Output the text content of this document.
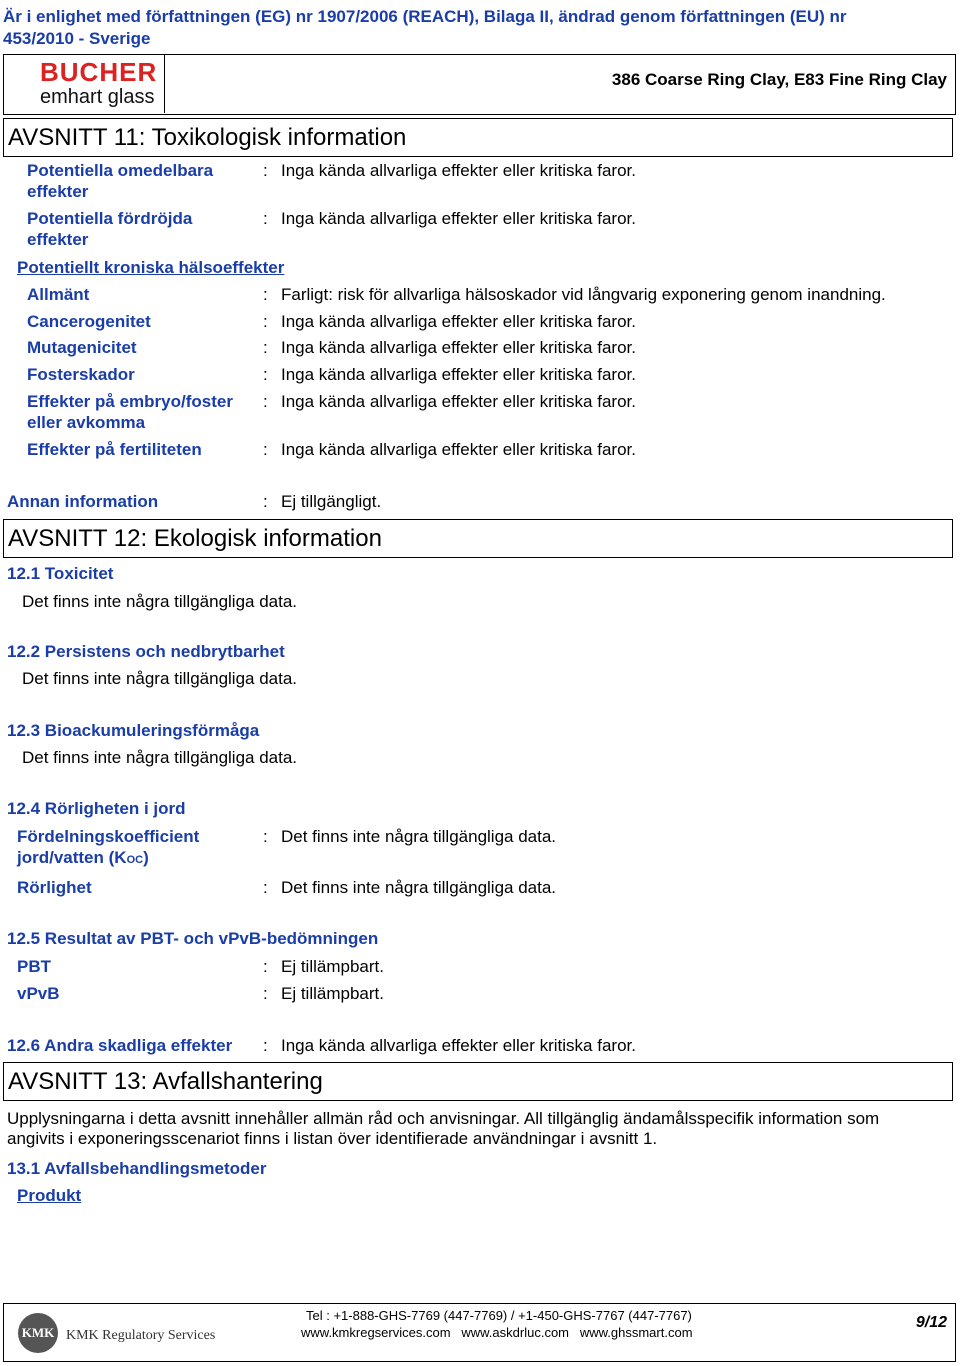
Är i enlighet med författningen (EG) nr 1907/2006 (REACH), Bilaga II, ändrad genom författningen (EU) nr
453/2010 - Sverige
BUCHER
emhart glass
386 Coarse Ring Clay, E83 Fine Ring Clay
AVSNITT 11: Toxikologisk information
Potentiella omedelbara
effekter
: Inga kända allvarliga effekter eller kritiska faror.
Potentiella fördröjda
effekter
: Inga kända allvarliga effekter eller kritiska faror.
Potentiellt kroniska hälsoeffekter
Allmänt	: Farligt: risk för allvarliga hälsoskador vid långvarig exponering genom inandning.
Cancerogenitet	: Inga kända allvarliga effekter eller kritiska faror.
Mutagenicitet	: Inga kända allvarliga effekter eller kritiska faror.
Fosterskador	: Inga kända allvarliga effekter eller kritiska faror.
Effekter på embryo/foster
eller avkomma
: Inga kända allvarliga effekter eller kritiska faror.
Effekter på fertiliteten	: Inga kända allvarliga effekter eller kritiska faror.
Annan information	: Ej tillgängligt.
AVSNITT 12: Ekologisk information
12.1 Toxicitet
Det finns inte några tillgängliga data.
12.2 Persistens och nedbrytbarhet
Det finns inte några tillgängliga data.
12.3 Bioackumuleringsförmåga
Det finns inte några tillgängliga data.
12.4 Rörligheten i jord
Fördelningskoefficient
jord/vatten (KOC)
: Det finns inte några tillgängliga data.
Rörlighet	: Det finns inte några tillgängliga data.
12.5 Resultat av PBT- och vPvB-bedömningen
PBT	: Ej tillämpbart.
vPvB	: Ej tillämpbart.
12.6 Andra skadliga effekter : Inga kända allvarliga effekter eller kritiska faror.
AVSNITT 13: Avfallshantering
Upplysningarna i detta avsnitt innehåller allmän råd och anvisningar. All tillgänglig ändamålsspecifik information som
angivits i exponeringsscenariot finns i listan över identifierade användningar i avsnitt 1.
13.1 Avfallsbehandlingsmetoder
Produkt
KMK KMK Regulatory Services
Tel : +1-888-GHS-7769 (447-7769) / +1-450-GHS-7767 (447-7767)
www.kmkregservices.com   www.askdrluc.com   www.ghssmart.com
9/12
